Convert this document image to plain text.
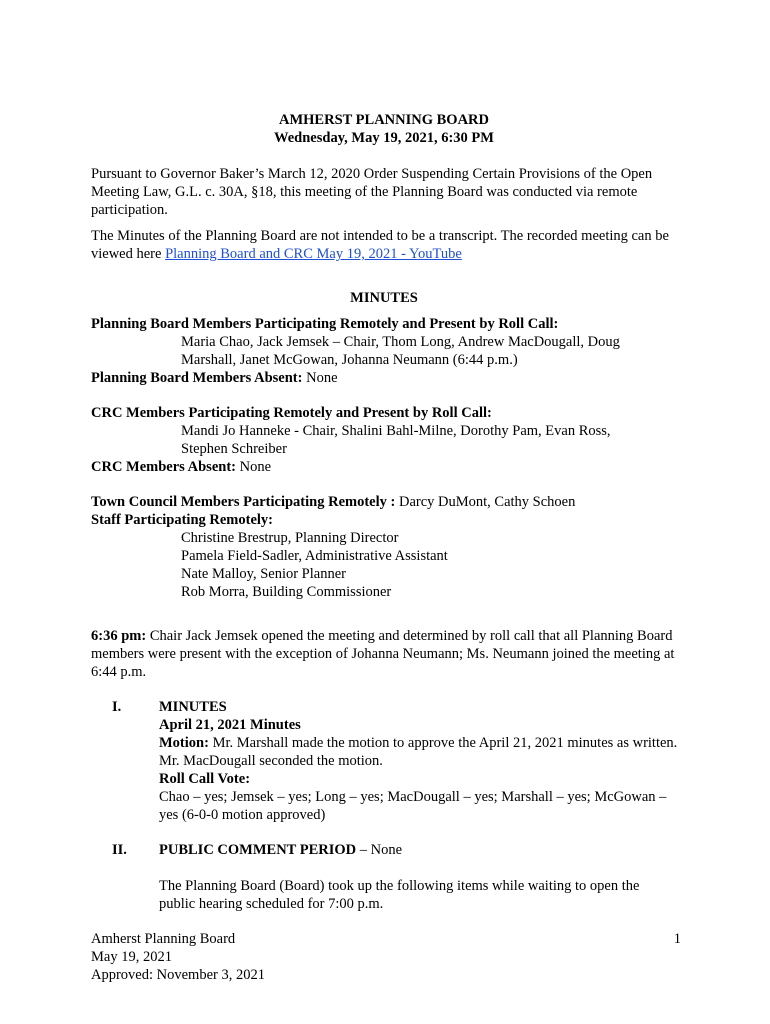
AMHERST PLANNING BOARD
Wednesday, May 19, 2021, 6:30 PM
Pursuant to Governor Baker’s March 12, 2020 Order Suspending Certain Provisions of the Open Meeting Law, G.L. c. 30A, §18, this meeting of the Planning Board was conducted via remote participation.
The Minutes of the Planning Board are not intended to be a transcript. The recorded meeting can be viewed here Planning Board and CRC May 19, 2021 - YouTube
MINUTES
Planning Board Members Participating Remotely and Present by Roll Call:
Maria Chao, Jack Jemsek – Chair, Thom Long, Andrew MacDougall, Doug
Marshall, Janet McGowan, Johanna Neumann (6:44 p.m.)
Planning Board Members Absent: None
CRC Members Participating Remotely and Present by Roll Call:
Mandi Jo Hanneke - Chair, Shalini Bahl-Milne, Dorothy Pam, Evan Ross,
Stephen Schreiber
CRC Members Absent: None
Town Council Members Participating Remotely : Darcy DuMont, Cathy Schoen
Staff Participating Remotely:
Christine Brestrup, Planning Director
Pamela Field-Sadler, Administrative Assistant
Nate Malloy, Senior Planner
Rob Morra, Building Commissioner
6:36 pm: Chair Jack Jemsek opened the meeting and determined by roll call that all Planning Board members were present with the exception of Johanna Neumann; Ms. Neumann joined the meeting at 6:44 p.m.
I.	MINUTES
April 21, 2021 Minutes
Motion: Mr. Marshall made the motion to approve the April 21, 2021 minutes as written. Mr. MacDougall seconded the motion.
Roll Call Vote:
Chao – yes; Jemsek – yes; Long – yes; MacDougall – yes; Marshall – yes; McGowan – yes (6-0-0 motion approved)
II. PUBLIC COMMENT PERIOD – None
The Planning Board (Board) took up the following items while waiting to open the public hearing scheduled for 7:00 p.m.
Amherst Planning Board
May 19, 2021
Approved: November 3, 2021
1
